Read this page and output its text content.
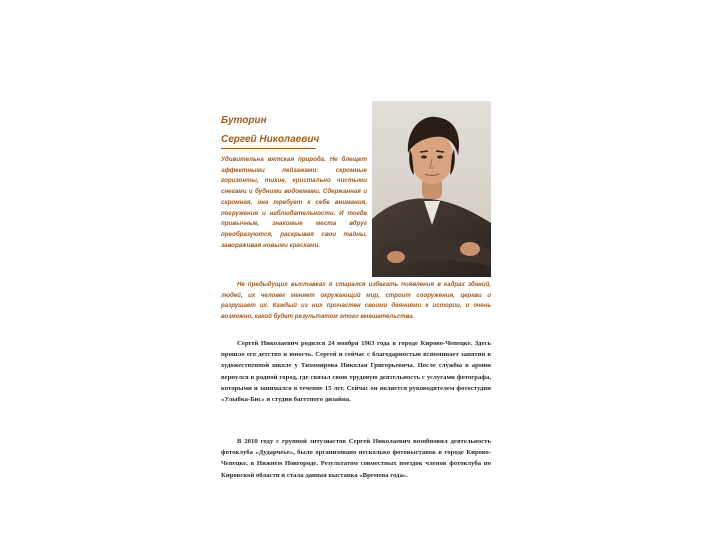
Буторин
Сергей Николаевич

Удивительна вятская природа. Не блещет эффектными пейзажами: скромные горизонты, тихие, кристально чистыми снегами и будними водоемами. Сдержанная и скромная, она требует к себе внимания, погружения и наблюдательности. И тогда привычные, знакомые места вдруг преобразуются, раскрывая свои тайны, завораживая новыми красками.

Не предыдущих выставках я старался избегать появления в кадрах зданий, людей, их человек меняет окружающий мир, строит сооружения, церкви и разрушает их. Каждый из них причастен своими деяниями к истории, и очень возможно, какой будет результатом этого вмешательства.

Сергей Николаевич родился 24 ноября 1963 года в городе Кирово-Чепецке. Здесь прошло его детство и юность. Сергей и сейчас с благодарностью вспоминает занятия в художественной школе у Тихомирова Николая Григорьевича. После службы в армии вернулся в родной город, где связал свою трудовую деятельность с услугами фотографа, которыми и занимался в течение 15 лет. Сейчас он является руководителем фотостудии «Улыбка-Бис» и студии багетного дизайна.

В 2010 году с группой энтузиастов Сергей Николаевич возобновил деятельность фотоклуба «Дударчеье», было организовано несколько фотовыставок в городе Кирово-Чепецке, в Нижнем Новгороде. Результатом совместных поездок членов фотоклуба по Кировской области и стала данная выставка «Времена года».
